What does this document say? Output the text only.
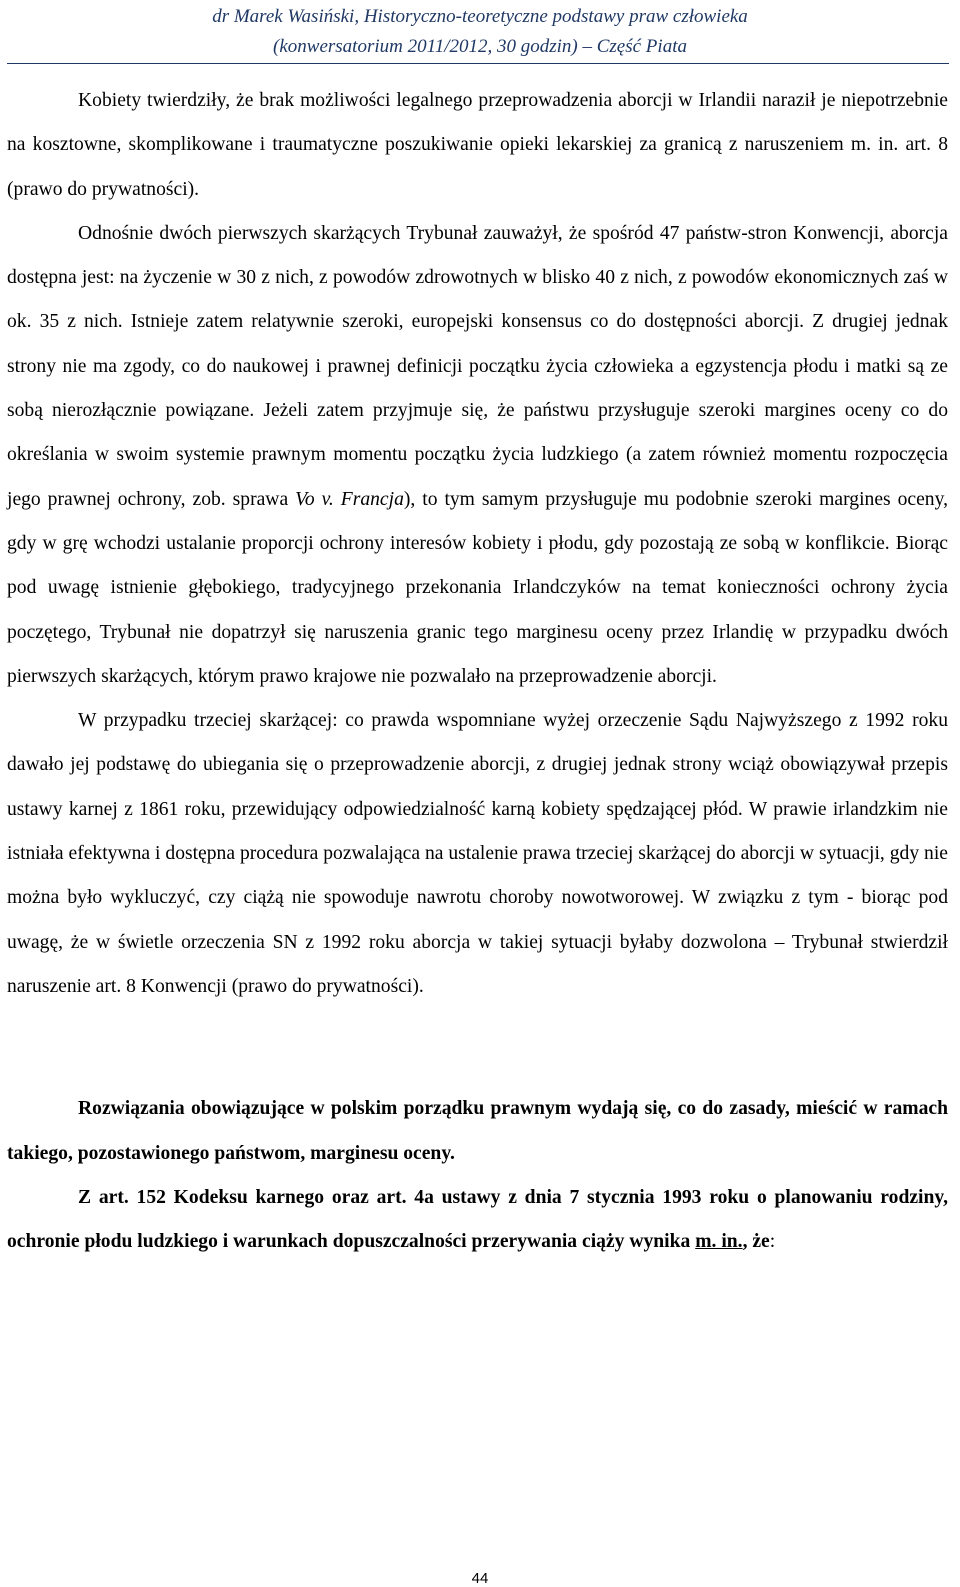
dr Marek Wasiński, Historyczno-teoretyczne podstawy praw człowieka
(konwersatorium 2011/2012, 30 godzin) – Część Piata

Kobiety twierdziły, że brak możliwości legalnego przeprowadzenia aborcji w Irlandii naraził je niepotrzebnie na kosztowne, skomplikowane i traumatyczne poszukiwanie opieki lekarskiej za granicą z naruszeniem m. in. art. 8 (prawo do prywatności).

Odnośnie dwóch pierwszych skarżących Trybunał zauważył, że spośród 47 państw-stron Konwencji, aborcja dostępna jest: na życzenie w 30 z nich, z powodów zdrowotnych w blisko 40 z nich, z powodów ekonomicznych zaś w ok. 35 z nich. Istnieje zatem relatywnie szeroki, europejski konsensus co do dostępności aborcji. Z drugiej jednak strony nie ma zgody, co do naukowej i prawnej definicji początku życia człowieka a egzystencja płodu i matki są ze sobą nierozłącznie powiązane. Jeżeli zatem przyjmuje się, że państwu przysługuje szeroki margines oceny co do określania w swoim systemie prawnym momentu początku życia ludzkiego (a zatem również momentu rozpoczęcia jego prawnej ochrony, zob. sprawa Vo v. Francja), to tym samym przysługuje mu podobnie szeroki margines oceny, gdy w grę wchodzi ustalanie proporcji ochrony interesów kobiety i płodu, gdy pozostają ze sobą w konflikcie. Biorąc pod uwagę istnienie głębokiego, tradycyjnego przekonania Irlandczyków na temat konieczności ochrony życia poczętego, Trybunał nie dopatrzył się naruszenia granic tego marginesu oceny przez Irlandię w przypadku dwóch pierwszych skarżących, którym prawo krajowe nie pozwalało na przeprowadzenie aborcji.

W przypadku trzeciej skarżącej: co prawda wspomniane wyżej orzeczenie Sądu Najwyższego z 1992 roku dawało jej podstawę do ubiegania się o przeprowadzenie aborcji, z drugiej jednak strony wciąż obowiązywał przepis ustawy karnej z 1861 roku, przewidujący odpowiedzialność karną kobiety spędzającej płód. W prawie irlandzkim nie istniała efektywna i dostępna procedura pozwalająca na ustalenie prawa trzeciej skarżącej do aborcji w sytuacji, gdy nie można było wykluczyć, czy ciążą nie spowoduje nawrotu choroby nowotworowej. W związku z tym - biorąc pod uwagę, że w świetle orzeczenia SN z 1992 roku aborcja w takiej sytuacji byłaby dozwolona – Trybunał stwierdził naruszenie art. 8 Konwencji (prawo do prywatności).

Rozwiązania obowiązujące w polskim porządku prawnym wydają się, co do zasady, mieścić w ramach takiego, pozostawionego państwom, marginesu oceny.

Z art. 152 Kodeksu karnego oraz art. 4a ustawy z dnia 7 stycznia 1993 roku o planowaniu rodziny, ochronie płodu ludzkiego i warunkach dopuszczalności przerywania ciąży wynika m. in., że:

44
